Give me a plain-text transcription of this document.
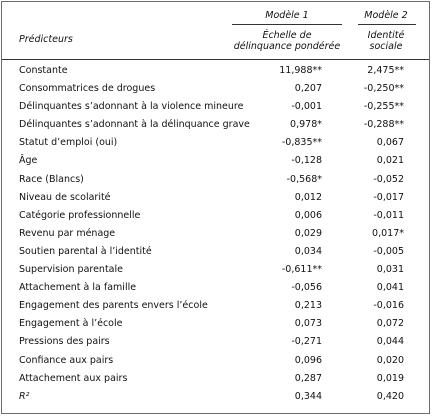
Prédicteurs
Modèle 1	Modèle 2
Échelle de
délinquance pondérée
Identité
sociale
Constante	11,988**	2,475**
Consommatrices de drogues	0,207	-0,250**
Délinquantes s’adonnant à la violence mineure	-0,001	-0,255**
Délinquantes s’adonnant à la délinquance grave	0,978*	-0,288**
Statut d’emploi (oui)	-0,835**	0,067
Âge	-0,128	0,021
Race (Blancs)	-0,568*	-0,052
Niveau de scolarité	0,012	-0,017
Catégorie professionnelle	0,006	-0,011
Revenu par ménage	0,029	0,017*
Soutien parental à l’identité	0,034	-0,005
Supervision parentale	-0,611**	0,031
Attachement à la famille	-0,056	0,041
Engagement des parents envers l’école	0,213	-0,016
Engagement à l’école	0,073	0,072
Pressions des pairs	-0,271	0,044
Confiance aux pairs	0,096	0,020
Attachement aux pairs	0,287	0,019
R²	0,344	0,420
